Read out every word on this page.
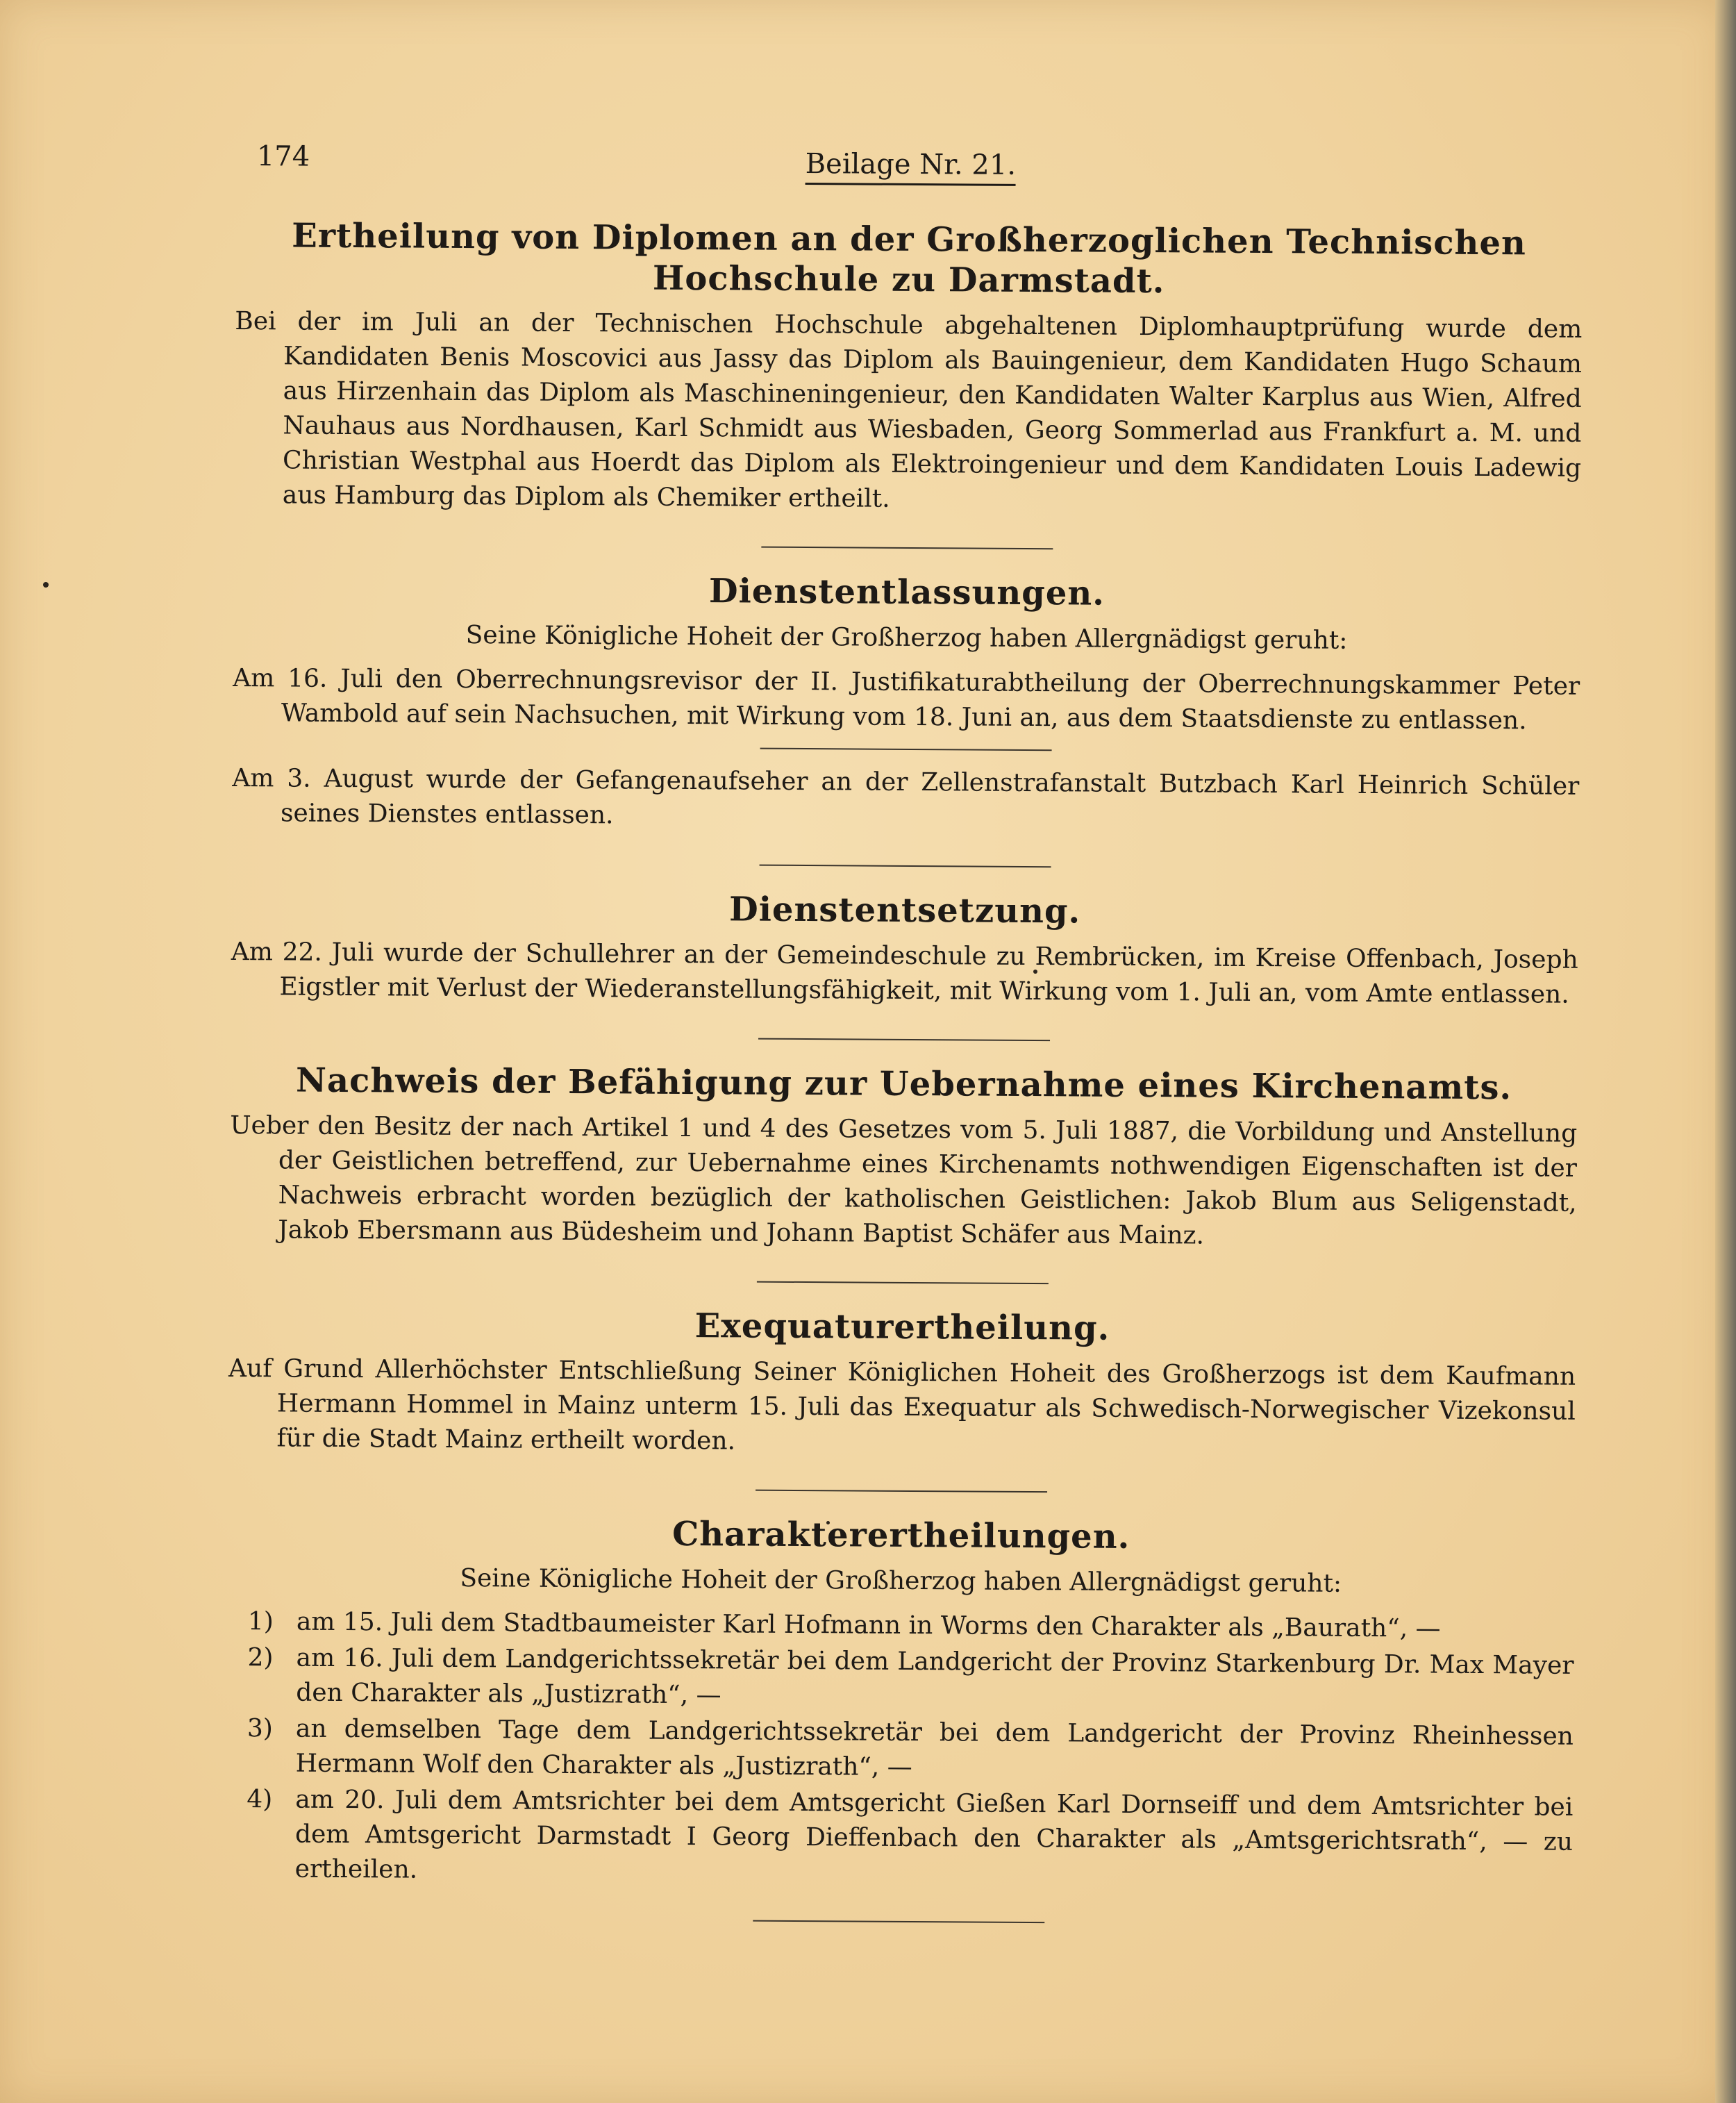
174	Beilage Nr. 21.
Ertheilung von Diplomen an der Großherzoglichen Technischen Hochschule zu Darmstadt.

Bei der im Juli an der Technischen Hochschule abgehaltenen Diplomhauptprüfung wurde dem Kandidaten Benis Moscovici aus Jassy das Diplom als Bauingenieur, dem Kandidaten Hugo Schaum aus Hirzenhain das Diplom als Maschineningenieur, den Kandidaten Walter Karplus aus Wien, Alfred Nauhaus aus Nordhausen, Karl Schmidt aus Wiesbaden, Georg Sommerlad aus Frankfurt a. M. und Christian Westphal aus Hoerdt das Diplom als Elektroingenieur und dem Kandidaten Louis Ladewig aus Hamburg das Diplom als Chemiker ertheilt.

Dienstentlassungen.
Seine Königliche Hoheit der Großherzog haben Allergnädigst geruht:

Am 16. Juli den Oberrechnungsrevisor der II. Justifikaturabtheilung der Oberrechnungskammer Peter Wambold auf sein Nachsuchen, mit Wirkung vom 18. Juni an, aus dem Staatsdienste zu entlassen.

Am 3. August wurde der Gefangenaufseher an der Zellenstrafanstalt Butzbach Karl Heinrich Schüler seines Dienstes entlassen.

Dienstentsetzung.

Am 22. Juli wurde der Schullehrer an der Gemeindeschule zu Rembrücken, im Kreise Offenbach, Joseph Eigstler mit Verlust der Wiederanstellungsfähigkeit, mit Wirkung vom 1. Juli an, vom Amte entlassen.

Nachweis der Befähigung zur Uebernahme eines Kirchenamts.

Ueber den Besitz der nach Artikel 1 und 4 des Gesetzes vom 5. Juli 1887, die Vorbildung und Anstellung der Geistlichen betreffend, zur Uebernahme eines Kirchenamts nothwendigen Eigenschaften ist der Nachweis erbracht worden bezüglich der katholischen Geistlichen: Jakob Blum aus Seligenstadt, Jakob Ebersmann aus Büdesheim und Johann Baptist Schäfer aus Mainz.

Exequaturertheilung.

Auf Grund Allerhöchster Entschließung Seiner Königlichen Hoheit des Großherzogs ist dem Kaufmann Hermann Hommel in Mainz unterm 15. Juli das Exequatur als Schwedisch-Norwegischer Vizekonsul für die Stadt Mainz ertheilt worden.

Charakterertheilungen.
Seine Königliche Hoheit der Großherzog haben Allergnädigst geruht:
1) am 15. Juli dem Stadtbaumeister Karl Hofmann in Worms den Charakter als „Baurath“, —
2) am 16. Juli dem Landgerichtssekretär bei dem Landgericht der Provinz Starkenburg Dr. Max Mayer den Charakter als „Justizrath“, —
3) an demselben Tage dem Landgerichtssekretär bei dem Landgericht der Provinz Rheinhessen Hermann Wolf den Charakter als „Justizrath“, —
4) am 20. Juli dem Amtsrichter bei dem Amtsgericht Gießen Karl Dornseiff und dem Amtsrichter bei dem Amtsgericht Darmstadt I Georg Dieffenbach den Charakter als „Amtsgerichtsrath“, — zu ertheilen.
